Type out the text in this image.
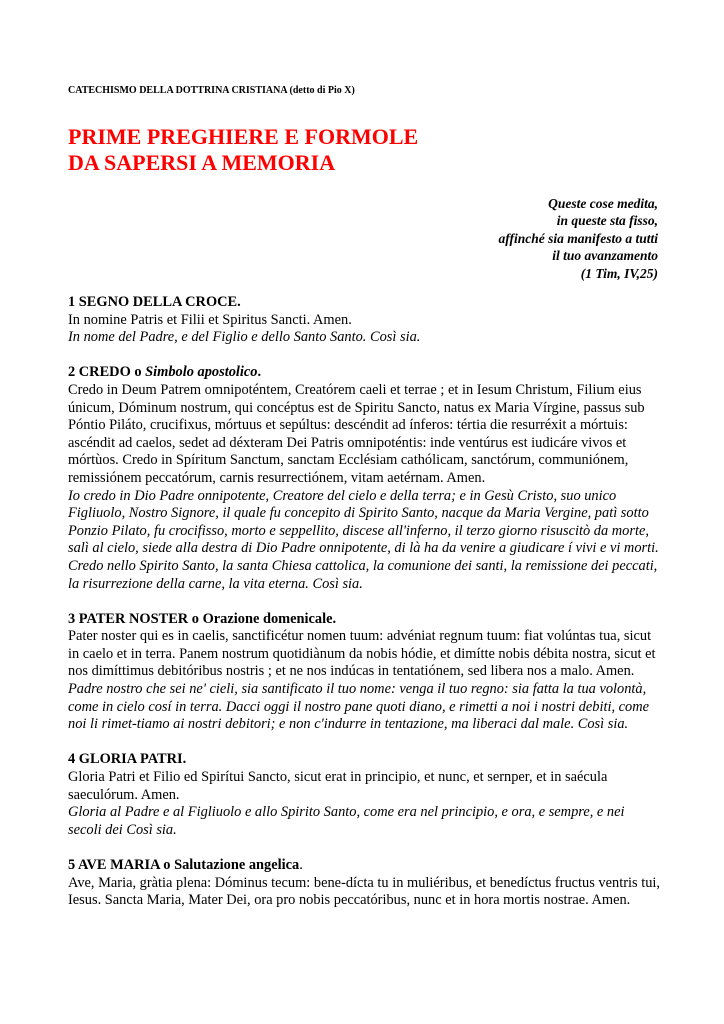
CATECHISMO DELLA DOTTRINA CRISTIANA (detto di Pio X)
PRIME PREGHIERE E FORMOLE
DA SAPERSI A MEMORIA
Queste cose medita,
in queste sta fisso,
affinché sia manifesto a tutti
il tuo avanzamento
(1 Tim, IV,25)
1 SEGNO DELLA CROCE.
In nomine Patris et Filii et Spiritus Sancti. Amen.
In nome del Padre, e del Figlio e dello Santo Santo. Così sia.
2 CREDO o Simbolo apostolico.
Credo in Deum Patrem omnipoténtem, Creatórem caeli et terrae ; et in Iesum Christum, Filium eius únicum, Dóminum nostrum, qui concéptus est de Spiritu Sancto, natus ex Maria Vírgine, passus sub Póntio Piláto, crucifixus, mórtuus et sepúltus: descéndit ad ínferos: tértia die resurréxit a mórtuis: ascéndit ad caelos, sedet ad déxteram Dei Patris omnipoténtis: inde ventúrus est iudicáre vivos et mórtùos. Credo in Spíritum Sanctum, sanctam Ecclésiam cathólicam, sanctórum, communiónem, remissiónem peccatórum, carnis resurrectiónem, vitam aetérnam. Amen.
Io credo in Dio Padre onnipotente, Creatore del cielo e della terra; e in Gesù Cristo, suo unico Figliuolo, Nostro Signore, il quale fu concepito di Spirito Santo, nacque da Maria Vergine, patì sotto Ponzio Pilato, fu crocifisso, morto e seppellito, discese all'inferno, il terzo giorno risuscitò da morte, salì al cielo, siede alla destra di Dio Padre onnipotente, di là ha da venire a giudicare í vivi e vi morti. Credo nello Spirito Santo, la santa Chiesa cattolica, la comunione dei santi, la remissione dei peccati, la risurrezione della carne, la vita eterna. Così sia.
3 PATER NOSTER o Orazione domenicale.
Pater noster qui es in caelis, sanctificétur nomen tuum: advéniat regnum tuum: fiat volúntas tua, sicut in caelo et in terra. Panem nostrum quotidiànum da nobis hódie, et dimítte nobis débita nostra, sicut et nos dimíttimus debitóribus nostris ; et ne nos indúcas in tentatiónem, sed libera nos a malo. Amen.
Padre nostro che sei ne' cieli, sia santificato il tuo nome: venga il tuo regno: sia fatta la tua volontà, come in cielo cosí in terra. Dacci oggi il nostro pane quoti diano, e rimetti a noi i nostri debiti, come noi li rimet-tiamo ai nostri debitori; e non c'indurre in tentazione, ma liberaci dal male. Così sia.
4 GLORIA PATRI.
Gloria Patri et Filio ed Spirítui Sancto, sicut erat in principio, et nunc, et sernper, et in saécula saeculórum. Amen.
Gloria al Padre e al Figliuolo e allo Spirito Santo, come era nel principio, e ora, e sempre, e nei secoli dei Così sia.
5 AVE MARIA o Salutazione angelica.
Ave, Maria, gràtia plena: Dóminus tecum: bene-dícta tu in muliéribus, et benedíctus fructus ventris tui, Iesus. Sancta Maria, Mater Dei, ora pro nobis peccatóribus, nunc et in hora mortis nostrae. Amen.
